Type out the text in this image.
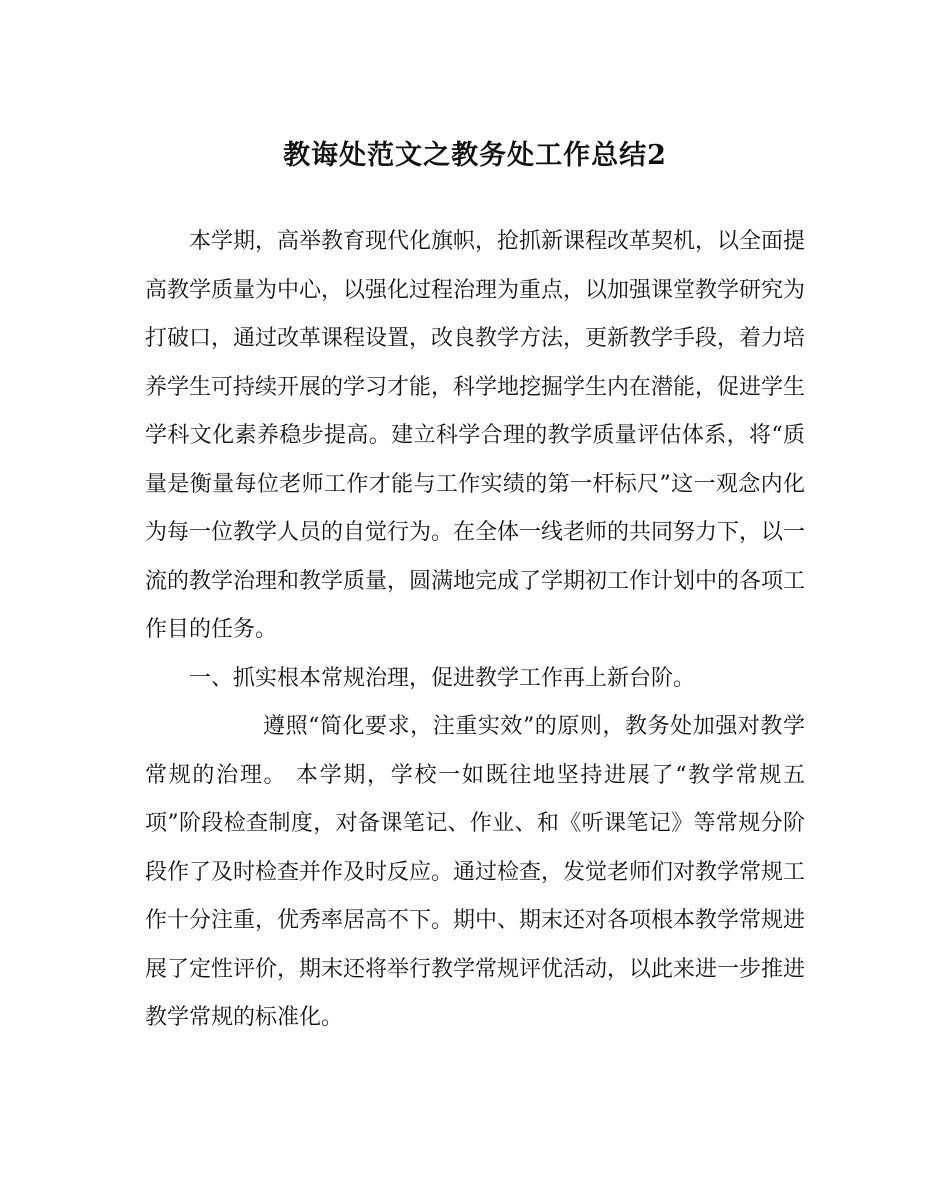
教诲处范文之教务处工作总结2

本学期，高举教育现代化旗帜，抢抓新课程改革契机，以全面提高教学质量为中心，以强化过程治理为重点，以加强课堂教学研究为打破口，通过改革课程设置，改良教学方法，更新教学手段，着力培养学生可持续开展的学习才能，科学地挖掘学生内在潜能，促进学生学科文化素养稳步提高。建立科学合理的教学质量评估体系，将“质量是衡量每位老师工作才能与工作实绩的第一杆标尺”这一观念内化为每一位教学人员的自觉行为。在全体一线老师的共同努力下，以一流的教学治理和教学质量，圆满地完成了学期初工作计划中的各项工作目的任务。

一、抓实根本常规治理，促进教学工作再上新台阶。

遵照“简化要求，注重实效”的原则，教务处加强对教学常规的治理。 本学期，学校一如既往地坚持进展了“教学常规五项”阶段检查制度，对备课笔记、作业、和《听课笔记》等常规分阶段作了及时检查并作及时反应。通过检查，发觉老师们对教学常规工作十分注重，优秀率居高不下。期中、期末还对各项根本教学常规进展了定性评价，期末还将举行教学常规评优活动，以此来进一步推进教学常规的标准化。
